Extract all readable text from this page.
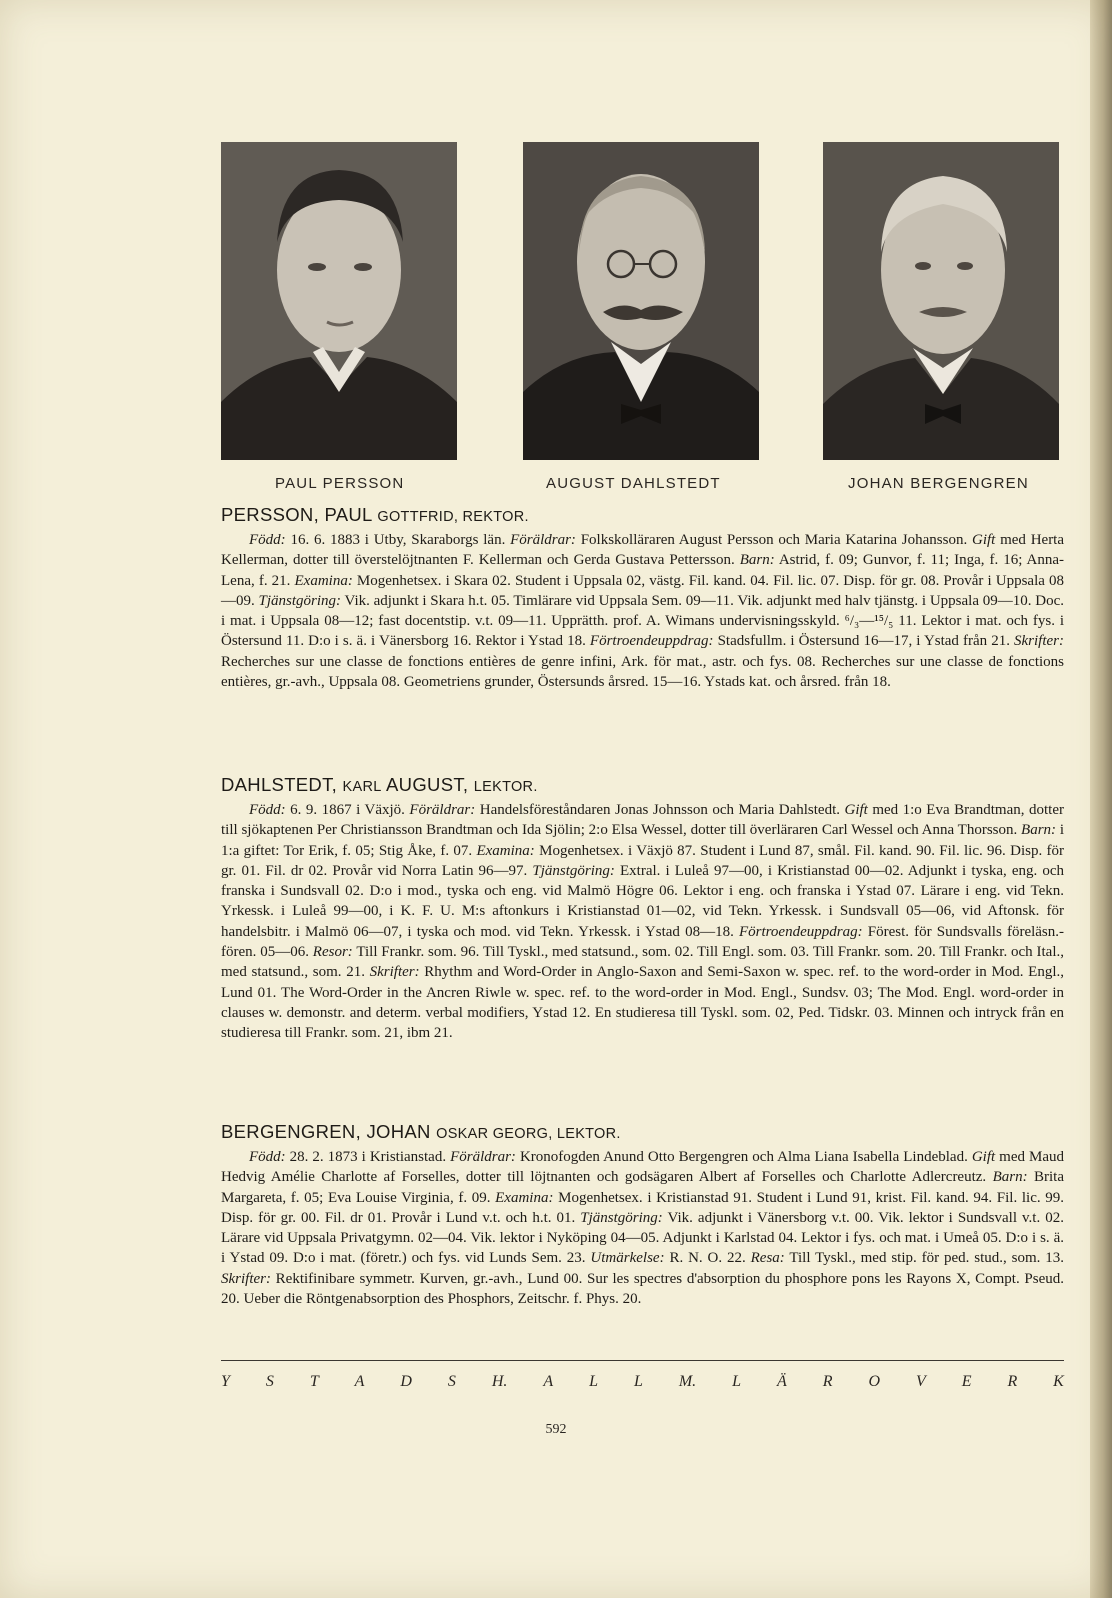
PAUL PERSSON	AUGUST DAHLSTEDT	JOHAN BERGENGREN
PERSSON, PAUL GOTTFRID, REKTOR.

Född: 16. 6. 1883 i Utby, Skaraborgs län. Föräldrar: Folkskolläraren August Persson och Maria Katarina Johansson. Gift med Herta Kellerman, dotter till överstelöjtnanten F. Kellerman och Gerda Gustava Pettersson. Barn: Astrid, f. 09; Gunvor, f. 11; Inga, f. 16; Anna-Lena, f. 21. Examina: Mogenhetsex. i Skara 02. Student i Uppsala 02, västg. Fil. kand. 04. Fil. lic. 07. Disp. för gr. 08. Provår i Uppsala 08—09. Tjänstgöring: Vik. adjunkt i Skara h.t. 05. Timlärare vid Uppsala Sem. 09—11. Vik. adjunkt med halv tjänstg. i Uppsala 09—10. Doc. i mat. i Uppsala 08—12; fast docentstip. v.t. 09—11. Upprätth. prof. A. Wimans undervisningsskyld. ⁶/₃—¹⁵/₅ 11. Lektor i mat. och fys. i Östersund 11. D:o i s. ä. i Vänersborg 16. Rektor i Ystad 18. Förtroendeuppdrag: Stadsfullm. i Östersund 16—17, i Ystad från 21. Skrifter: Recherches sur une classe de fonctions entières de genre infini, Ark. för mat., astr. och fys. 08. Recherches sur une classe de fonctions entières, gr.-avh., Uppsala 08. Geometriens grunder, Östersunds årsred. 15—16. Ystads kat. och årsred. från 18.

DAHLSTEDT, KARL AUGUST, LEKTOR.

Född: 6. 9. 1867 i Växjö. Föräldrar: Handelsföreståndaren Jonas Johnsson och Maria Dahlstedt. Gift med 1:o Eva Brandtman, dotter till sjökaptenen Per Christiansson Brandtman och Ida Sjölin; 2:o Elsa Wessel, dotter till överläraren Carl Wessel och Anna Thorsson. Barn: i 1:a giftet: Tor Erik, f. 05; Stig Åke, f. 07. Examina: Mogenhetsex. i Växjö 87. Student i Lund 87, smål. Fil. kand. 90. Fil. lic. 96. Disp. för gr. 01. Fil. dr 02. Provår vid Norra Latin 96—97. Tjänstgöring: Extral. i Luleå 97—00, i Kristianstad 00—02. Adjunkt i tyska, eng. och franska i Sundsvall 02. D:o i mod., tyska och eng. vid Malmö Högre 06. Lektor i eng. och franska i Ystad 07. Lärare i eng. vid Tekn. Yrkessk. i Luleå 99—00, i K. F. U. M:s aftonkurs i Kristianstad 01—02, vid Tekn. Yrkessk. i Sundsvall 05—06, vid Aftonsk. för handelsbitr. i Malmö 06—07, i tyska och mod. vid Tekn. Yrkessk. i Ystad 08—18. Förtroendeuppdrag: Förest. för Sundsvalls föreläsn.-fören. 05—06. Resor: Till Frankr. som. 96. Till Tyskl., med statsund., som. 02. Till Engl. som. 03. Till Frankr. som. 20. Till Frankr. och Ital., med statsund., som. 21. Skrifter: Rhythm and Word-Order in Anglo-Saxon and Semi-Saxon w. spec. ref. to the word-order in Mod. Engl., Lund 01. The Word-Order in the Ancren Riwle w. spec. ref. to the word-order in Mod. Engl., Sundsv. 03; The Mod. Engl. word-order in clauses w. demonstr. and determ. verbal modifiers, Ystad 12. En studieresa till Tyskl. som. 02, Ped. Tidskr. 03. Minnen och intryck från en studieresa till Frankr. som. 21, ibm 21.

BERGENGREN, JOHAN OSKAR GEORG, LEKTOR.

Född: 28. 2. 1873 i Kristianstad. Föräldrar: Kronofogden Anund Otto Bergengren och Alma Liana Isabella Lindeblad. Gift med Maud Hedvig Amélie Charlotte af Forselles, dotter till löjtnanten och godsägaren Albert af Forselles och Charlotte Adlercreutz. Barn: Brita Margareta, f. 05; Eva Louise Virginia, f. 09. Examina: Mogenhetsex. i Kristianstad 91. Student i Lund 91, krist. Fil. kand. 94. Fil. lic. 99. Disp. för gr. 00. Fil. dr 01. Provår i Lund v.t. och h.t. 01. Tjänstgöring: Vik. adjunkt i Vänersborg v.t. 00. Vik. lektor i Sundsvall v.t. 02. Lärare vid Uppsala Privatgymn. 02—04. Vik. lektor i Nyköping 04—05. Adjunkt i Karlstad 04. Lektor i fys. och mat. i Umeå 05. D:o i s. ä. i Ystad 09. D:o i mat. (företr.) och fys. vid Lunds Sem. 23. Utmärkelse: R. N. O. 22. Resa: Till Tyskl., med stip. för ped. stud., som. 13. Skrifter: Rektifinibare symmetr. Kurven, gr.-avh., Lund 00. Sur les spectres d'absorption du phosphore pons les Rayons X, Compt. Pseud. 20. Ueber die Röntgenabsorption des Phosphors, Zeitschr. f. Phys. 20.

Y S T A D S H. A L L M. L Ä R O V E R K
592
